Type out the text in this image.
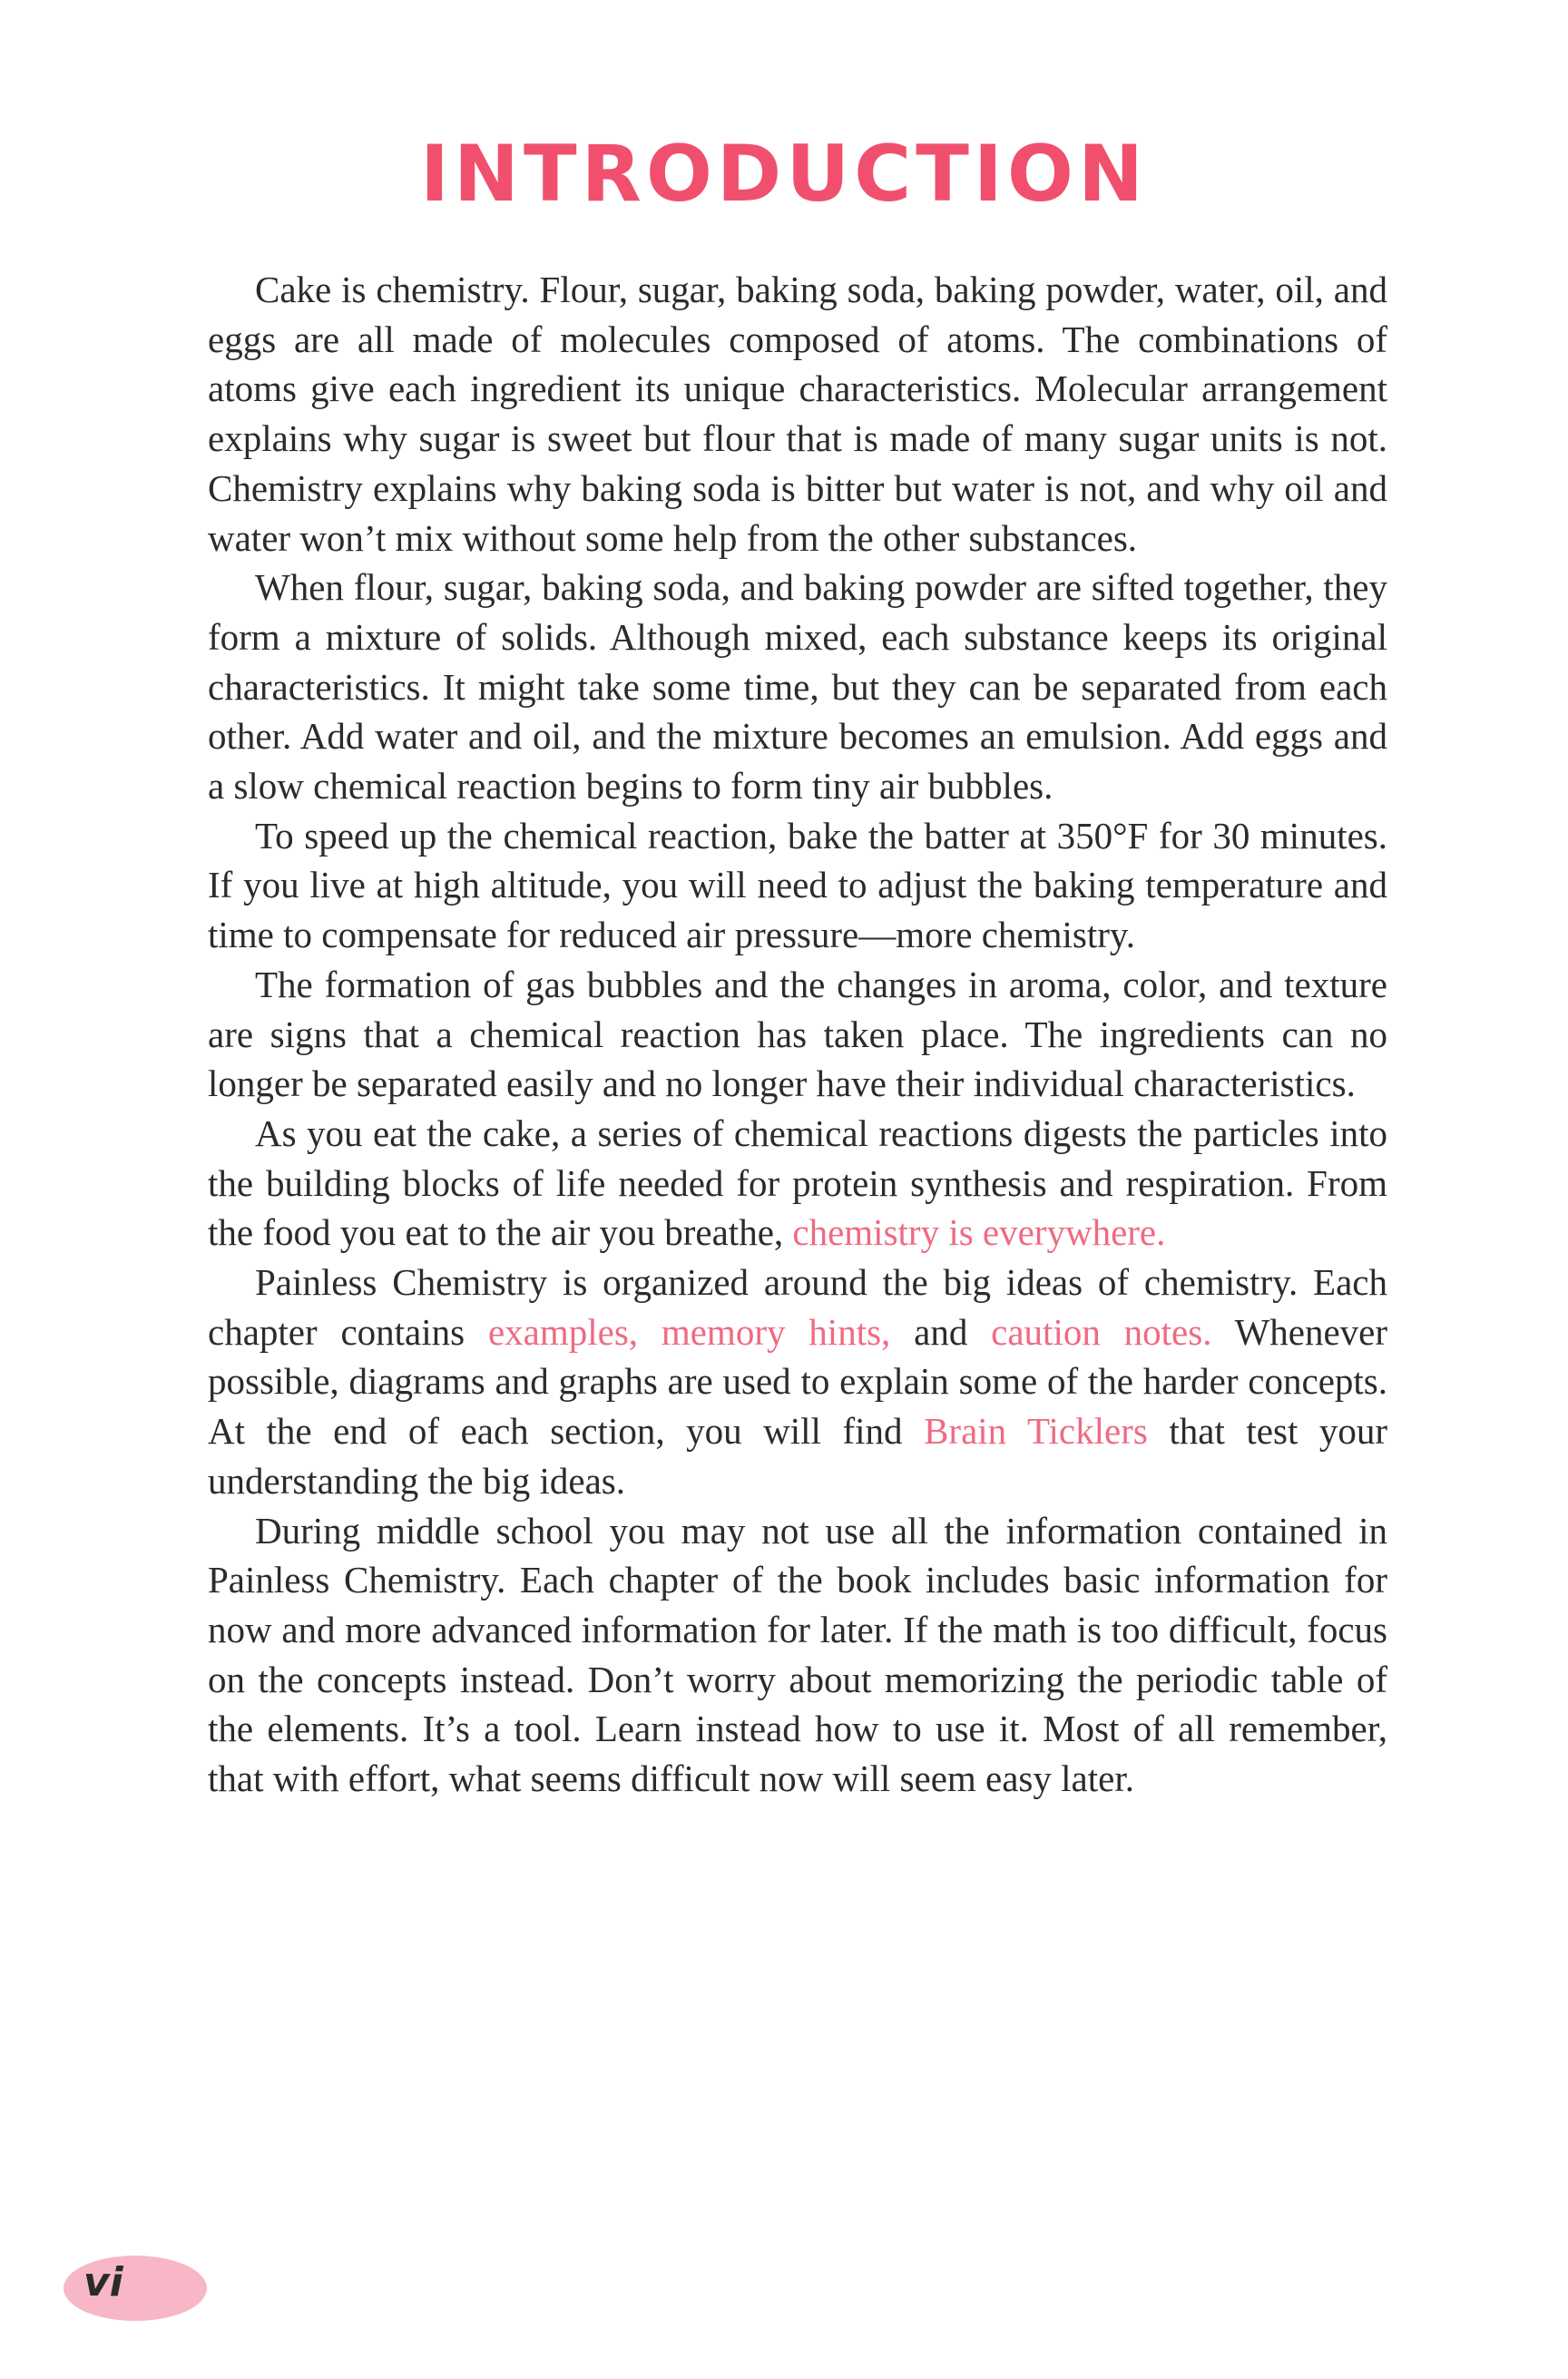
INTRODUCTION

Cake is chemistry. Flour, sugar, baking soda, baking powder, water, oil, and eggs are all made of molecules composed of atoms. The combinations of atoms give each ingredient its unique characteristics. Molecular arrangement explains why sugar is sweet but flour that is made of many sugar units is not. Chemistry explains why baking soda is bitter but water is not, and why oil and water won’t mix without some help from the other substances.

When flour, sugar, baking soda, and baking powder are sifted together, they form a mixture of solids. Although mixed, each substance keeps its original characteristics. It might take some time, but they can be separated from each other. Add water and oil, and the mixture becomes an emulsion. Add eggs and a slow chemical reaction begins to form tiny air bubbles.

To speed up the chemical reaction, bake the batter at 350°F for 30 minutes. If you live at high altitude, you will need to adjust the baking temperature and time to compensate for reduced air pressure—more chemistry.

The formation of gas bubbles and the changes in aroma, color, and texture are signs that a chemical reaction has taken place. The ingredients can no longer be separated easily and no longer have their individual characteristics.

As you eat the cake, a series of chemical reactions digests the particles into the building blocks of life needed for protein synthesis and respiration. From the food you eat to the air you breathe, chemistry is everywhere.

Painless Chemistry is organized around the big ideas of chemistry. Each chapter contains examples, memory hints, and caution notes. Whenever possible, diagrams and graphs are used to explain some of the harder concepts. At the end of each section, you will find Brain Ticklers that test your understanding the big ideas.

During middle school you may not use all the information contained in Painless Chemistry. Each chapter of the book includes basic information for now and more advanced information for later. If the math is too difficult, focus on the concepts instead. Don’t worry about memorizing the periodic table of the elements. It’s a tool. Learn instead how to use it. Most of all remember, that with effort, what seems difficult now will seem easy later.

vi
